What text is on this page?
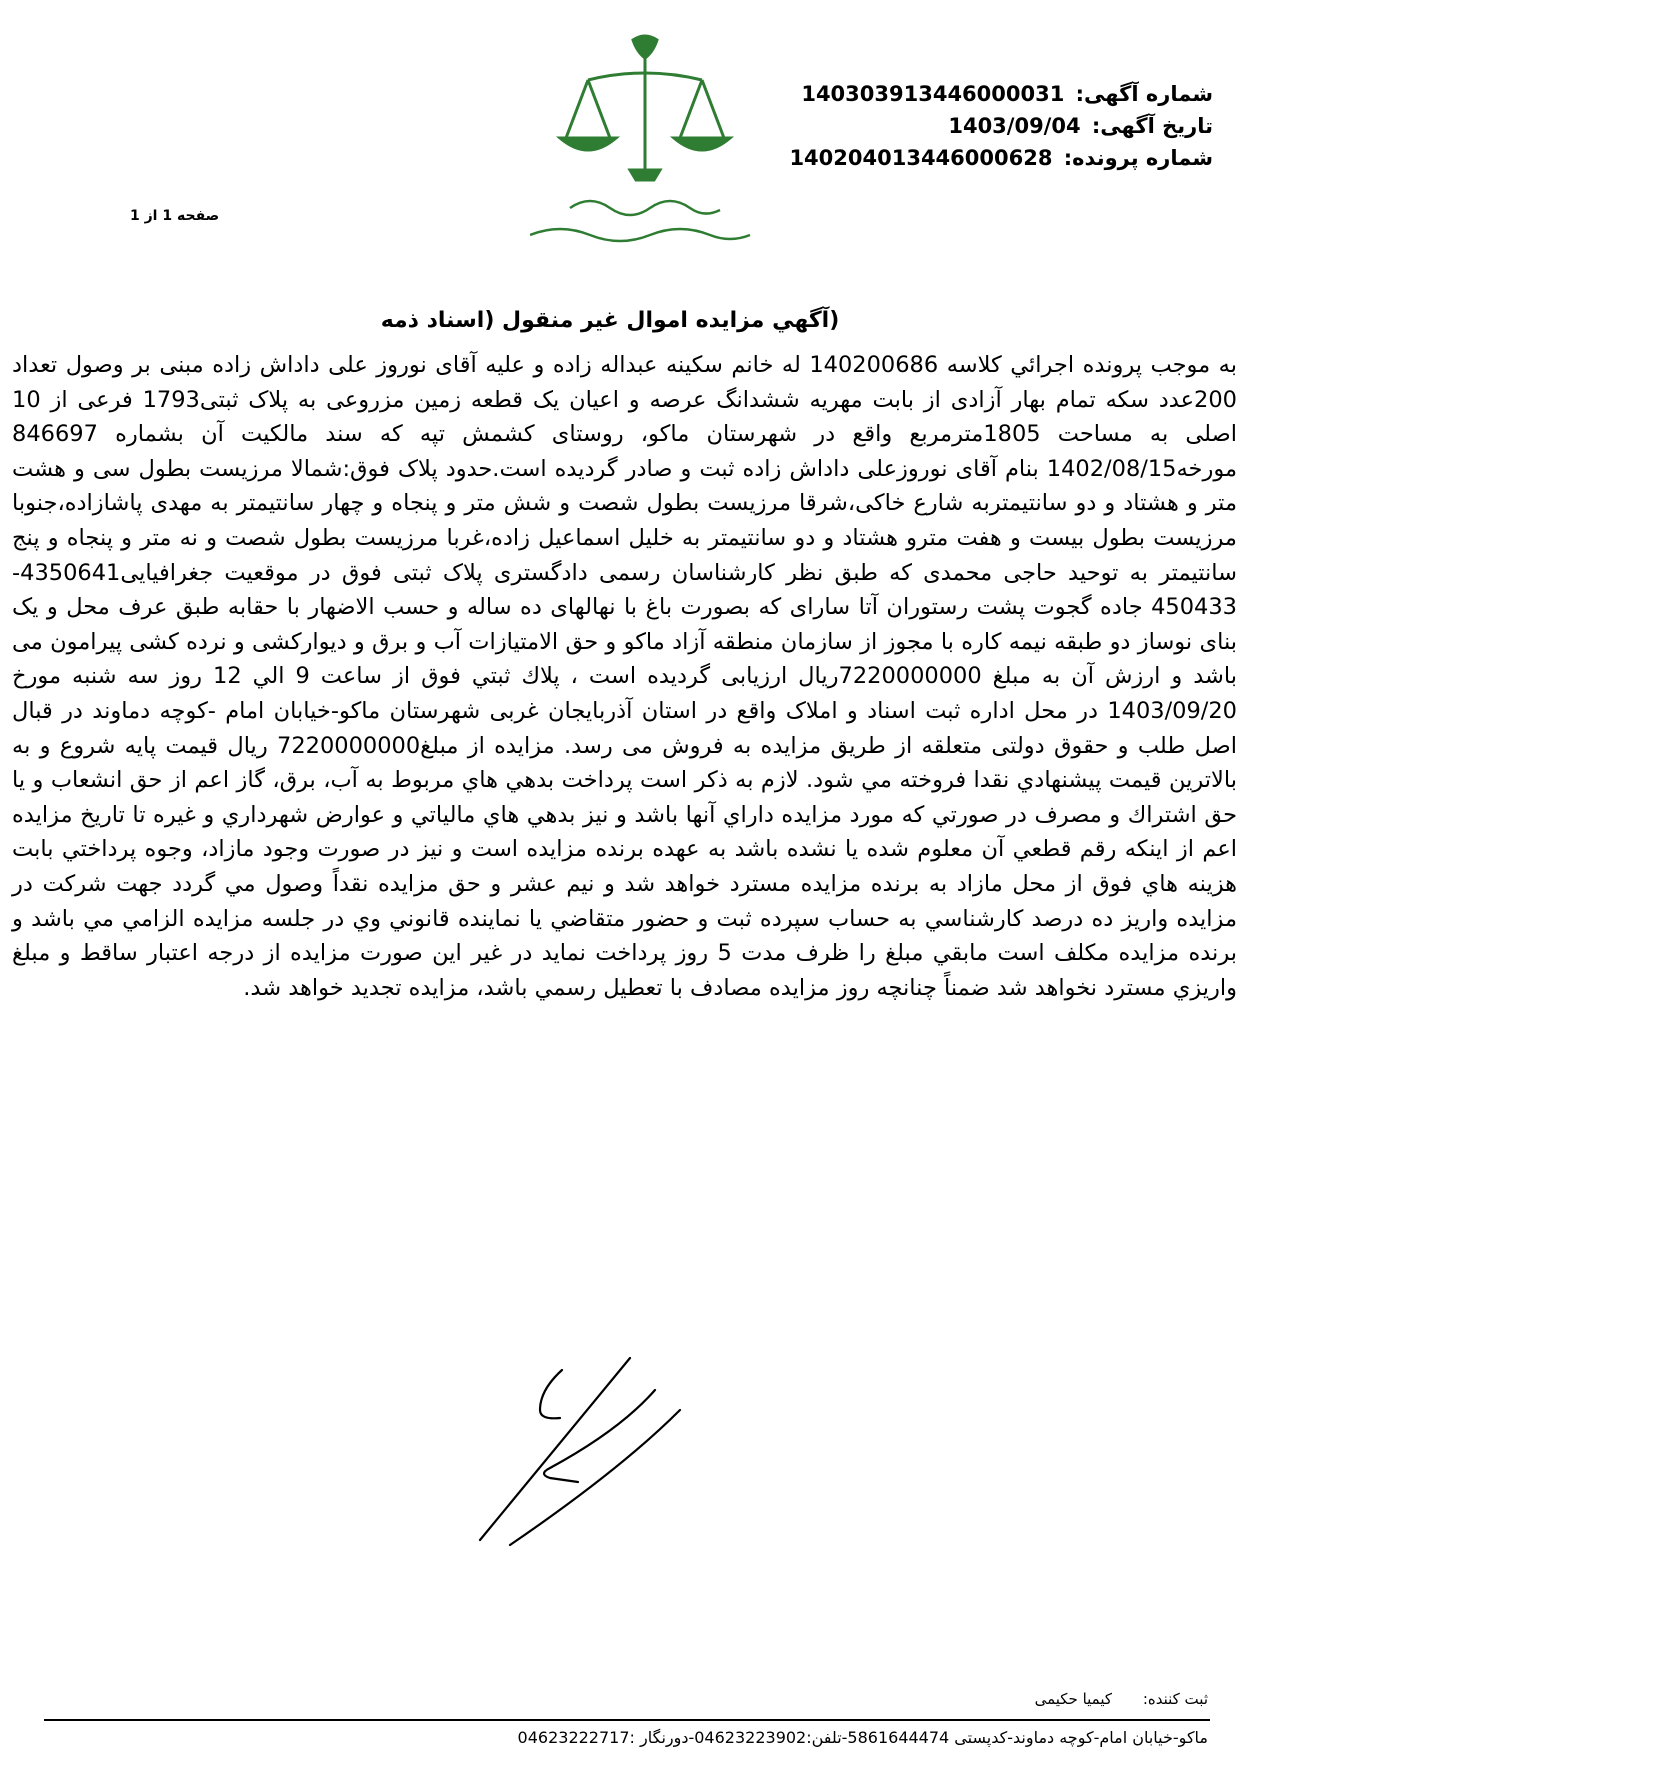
شماره آگهی: 140303913446000031
تاریخ آگهی: 1403/09/04
شماره پرونده: 140204013446000628
صفحه 1 از 1
(آگهي مزايده اموال غير منقول (اسناد ذمه
به موجب پرونده اجرائي كلاسه 140200686 له خانم سکینه عبداله زاده و علیه آقای نوروز علی داداش زاده مبنی بر وصول تعداد 200عدد سکه تمام بهار آزادی از بابت مهریه ششدانگ عرصه و اعیان یک قطعه زمین مزروعی به پلاک ثبتی1793 فرعی از 10 اصلی به مساحت 1805مترمربع واقع در شهرستان ماکو، روستای کشمش تپه که سند مالکیت آن بشماره 846697 مورخه1402/08/15 بنام آقای نوروزعلی داداش زاده ثبت و صادر گردیده است.حدود پلاک فوق:شمالا مرزیست بطول سی و هشت متر و هشتاد و دو سانتیمتربه شارع خاکی،شرقا مرزیست بطول شصت و شش متر و پنجاه و چهار سانتیمتر به مهدی پاشازاده،جنوبا مرزیست بطول بیست و هفت مترو هشتاد و دو سانتیمتر به خلیل اسماعیل زاده،غربا مرزیست بطول شصت و نه متر و پنجاه و پنج سانتیمتر به توحید حاجی محمدی که طبق نظر کارشناسان رسمی دادگستری پلاک ثبتی فوق در موقعیت جغرافیایی4350641-450433 جاده گجوت پشت رستوران آتا سارای که بصورت باغ با نهالهای ده ساله و حسب الاضهار با حقابه طبق عرف محل و یک بنای نوساز دو طبقه نیمه کاره با مجوز از سازمان منطقه آزاد ماکو و حق الامتیازات آب و برق و دیوارکشی و نرده کشی پیرامون می باشد و ارزش آن به مبلغ 7220000000ریال ارزیابی گردیده است ، پلاك ثبتي فوق از ساعت 9 الي 12 روز سه شنبه مورخ 1403/09/20 در محل اداره ثبت اسناد و املاک واقع در استان آذربایجان غربی شهرستان ماکو-خیابان امام -کوچه دماوند در قبال اصل طلب و حقوق دولتی متعلقه از طریق مزایده به فروش می رسد. مزايده از مبلغ7220000000 ريال قيمت پايه شروع و به بالاترين قيمت پيشنهادي نقدا فروخته مي شود. لازم به ذكر است پرداخت بدهي هاي مربوط به آب، برق، گاز اعم از حق انشعاب و يا حق اشتراك و مصرف در صورتي كه مورد مزايده داراي آنها باشد و نيز بدهي هاي مالياتي و عوارض شهرداري و غيره تا تاريخ مزايده اعم از اينكه رقم قطعي آن معلوم شده يا نشده باشد به عهده برنده مزايده است و نيز در صورت وجود مازاد، وجوه پرداختي بابت هزينه هاي فوق از محل مازاد به برنده مزايده مسترد خواهد شد و نيم عشر و حق مزايده نقداً وصول مي گردد جهت شركت در مزايده واريز ده درصد كارشناسي به حساب سپرده ثبت و حضور متقاضي يا نماينده قانوني وي در جلسه مزايده الزامي مي باشد و برنده مزايده مكلف است مابقي مبلغ را ظرف مدت 5 روز پرداخت نمايد در غير اين صورت مزايده از درجه اعتبار ساقط و مبلغ واريزي مسترد نخواهد شد ضمناً چنانچه روز مزايده مصادف با تعطيل رسمي باشد، مزايده تجديد خواهد شد.
ثبت کننده: کیمیا حکیمی
ماکو-خیابان امام-کوچه دماوند-کدپستی 5861644474-تلفن:04623223902-دورنگار :04623222717
